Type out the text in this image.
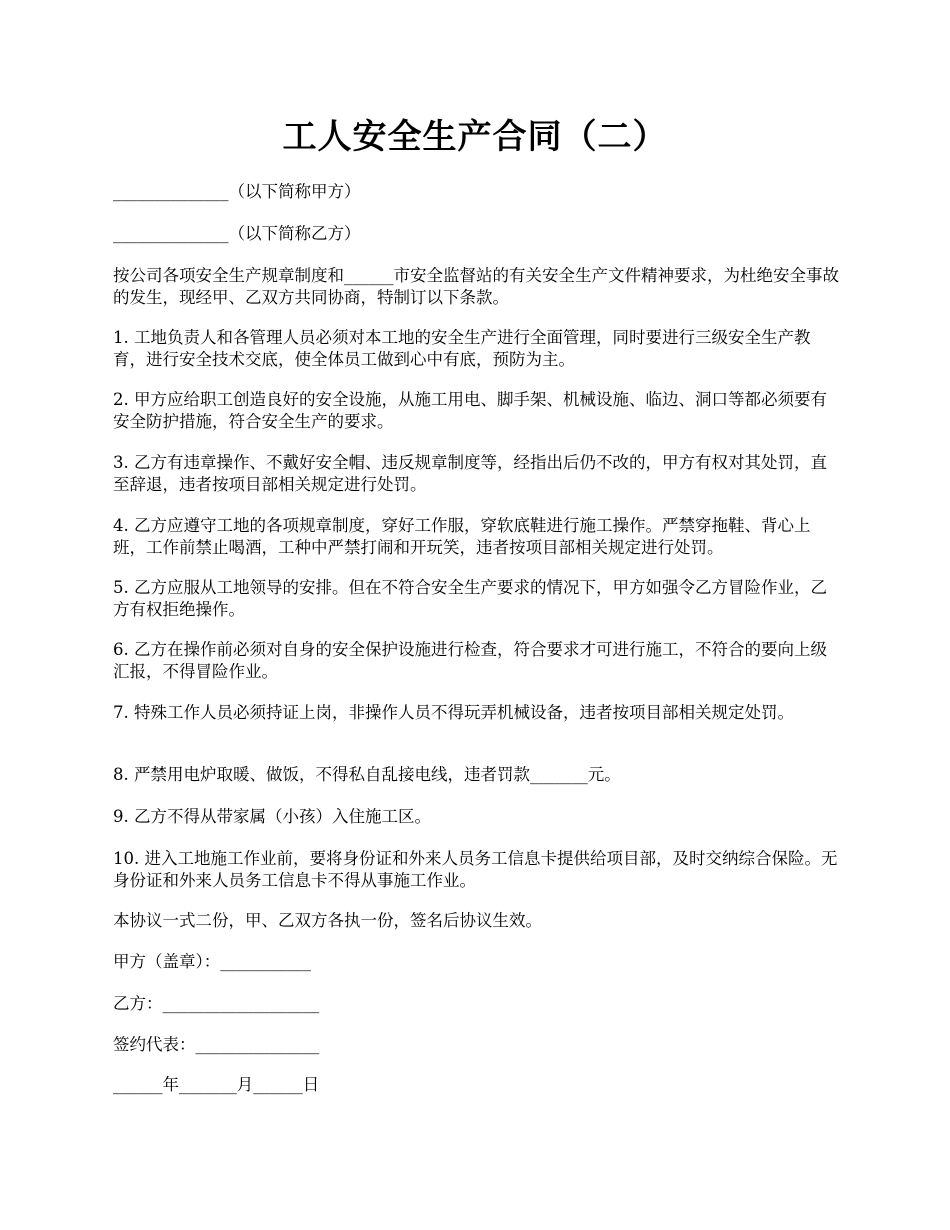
工人安全生产合同（二）
______________（以下简称甲方）
______________（以下简称乙方）
按公司各项安全生产规章制度和______市安全监督站的有关安全生产文件精神要求，为杜绝安全事故的发生，现经甲、乙双方共同协商，特制订以下条款。
1. 工地负责人和各管理人员必须对本工地的安全生产进行全面管理，同时要进行三级安全生产教育，进行安全技术交底，使全体员工做到心中有底，预防为主。
2. 甲方应给职工创造良好的安全设施，从施工用电、脚手架、机械设施、临边、洞口等都必须要有安全防护措施，符合安全生产的要求。
3. 乙方有违章操作、不戴好安全帽、违反规章制度等，经指出后仍不改的，甲方有权对其处罚，直至辞退，违者按项目部相关规定进行处罚。
4. 乙方应遵守工地的各项规章制度，穿好工作服，穿软底鞋进行施工操作。严禁穿拖鞋、背心上班，工作前禁止喝酒，工种中严禁打闹和开玩笑，违者按项目部相关规定进行处罚。
5. 乙方应服从工地领导的安排。但在不符合安全生产要求的情况下，甲方如强令乙方冒险作业，乙方有权拒绝操作。
6. 乙方在操作前必须对自身的安全保护设施进行检查，符合要求才可进行施工，不符合的要向上级汇报，不得冒险作业。
7. 特殊工作人员必须持证上岗，非操作人员不得玩弄机械设备，违者按项目部相关规定处罚。
8. 严禁用电炉取暖、做饭，不得私自乱接电线，违者罚款_______元。
9. 乙方不得从带家属（小孩）入住施工区。
10. 进入工地施工作业前，要将身份证和外来人员务工信息卡提供给项目部，及时交纳综合保险。无身份证和外来人员务工信息卡不得从事施工作业。
本协议一式二份，甲、乙双方各执一份，签名后协议生效。
甲方（盖章）：___________
乙方：___________________
签约代表：_______________
______年_______月______日
